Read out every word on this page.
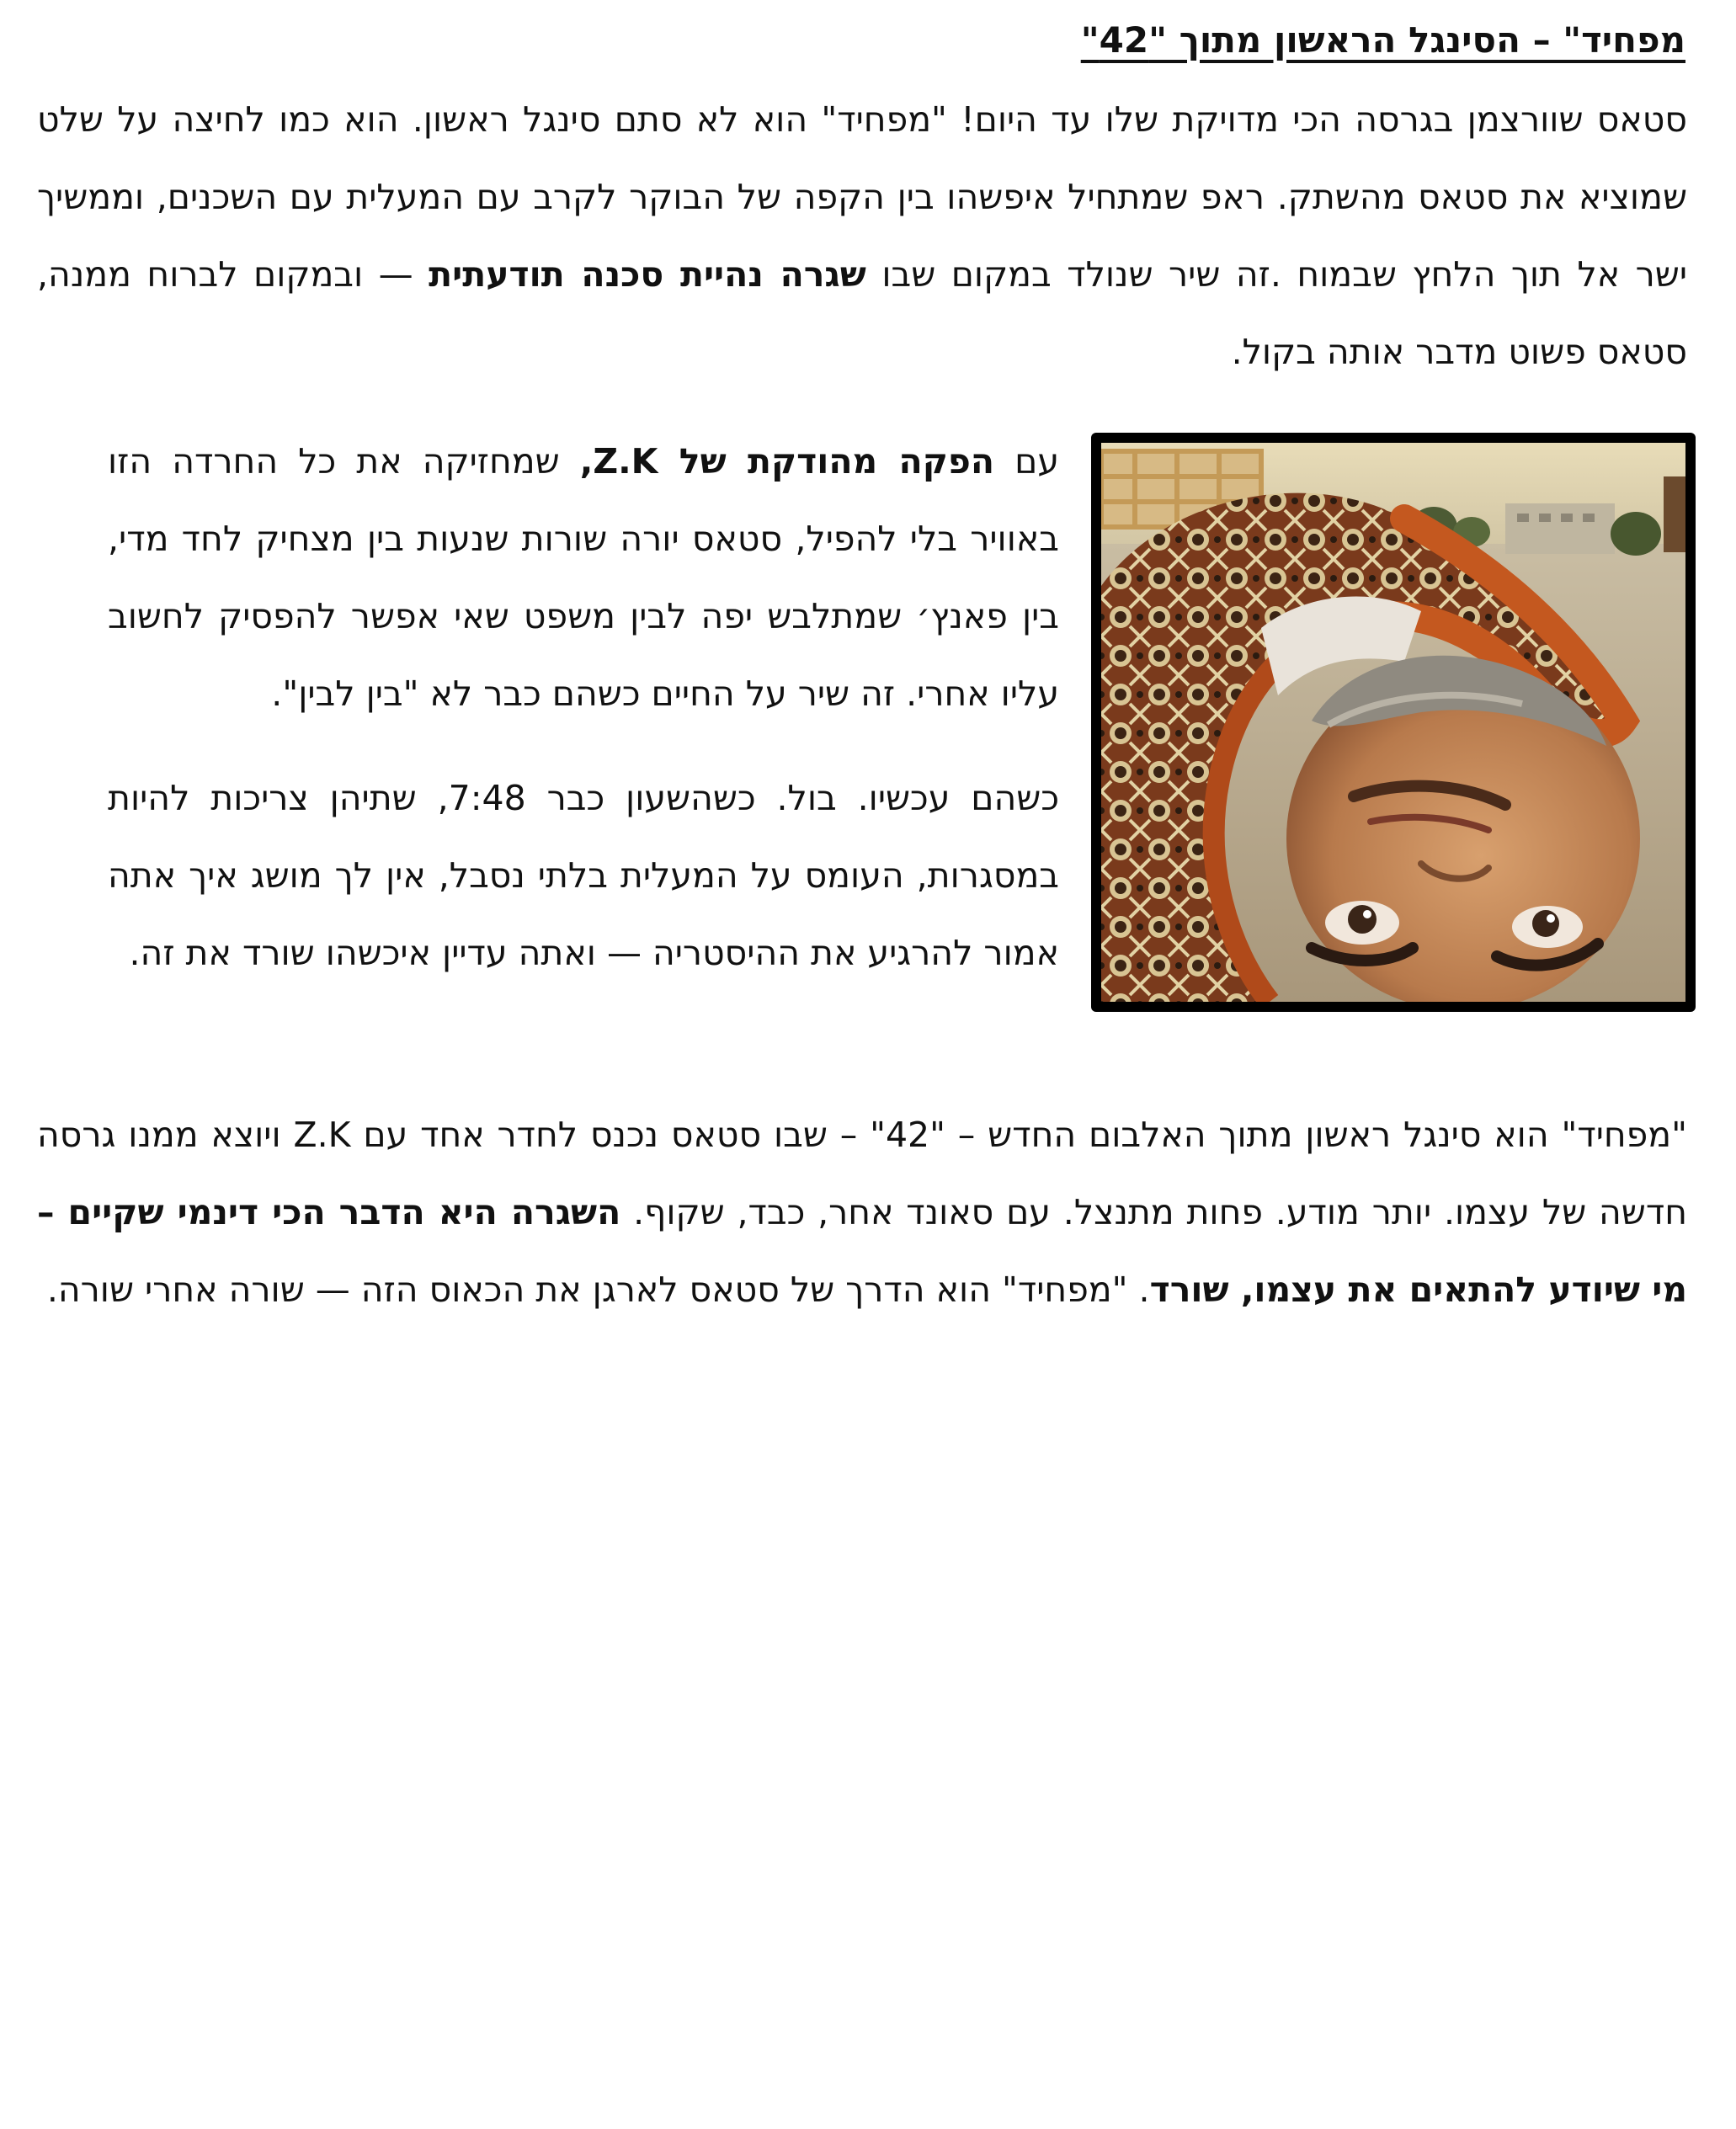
מפחיד" – הסינגל הראשון מתוך "42"

סטאס שוורצמן בגרסה הכי מדויקת שלו עד היום! "מפחיד" הוא לא סתם סינגל ראשון. הוא כמו לחיצה על שלט שמוציא את סטאס מהשתק. ראפ שמתחיל איפשהו בין הקפה של הבוקר לקרב עם המעלית עם השכנים, וממשיך ישר אל תוך הלחץ שבמוח .זה שיר שנולד במקום שבו שגרה נהיית סכנה תודעתית — ובמקום לברוח ממנה, סטאס פשוט מדבר אותה בקול.

עם הפקה מהודקת של Z.K, שמחזיקה את כל החרדה הזו באוויר בלי להפיל, סטאס יורה שורות שנעות בין מצחיק לחד מדי, בין פאנץ׳ שמתלבש יפה לבין משפט שאי אפשר להפסיק לחשוב עליו אחרי. זה שיר על החיים כשהם כבר לא "בין לבין".

כשהם עכשיו. בול. כשהשעון כבר 7:48, שתיהן צריכות להיות במסגרות, העומס על המעלית בלתי נסבל, אין לך מושג איך אתה אמור להרגיע את ההיסטריה — ואתה עדיין איכשהו שורד את זה.

"מפחיד" הוא סינגל ראשון מתוך האלבום החדש – "42" – שבו סטאס נכנס לחדר אחד עם Z.K ויוצא ממנו גרסה חדשה של עצמו. יותר מודע. פחות מתנצל. עם סאונד אחר, כבד, שקוף. השגרה היא הדבר הכי דינמי שקיים – מי שיודע להתאים את עצמו, שורד. "מפחיד" הוא הדרך של סטאס לארגן את הכאוס הזה — שורה אחרי שורה.
